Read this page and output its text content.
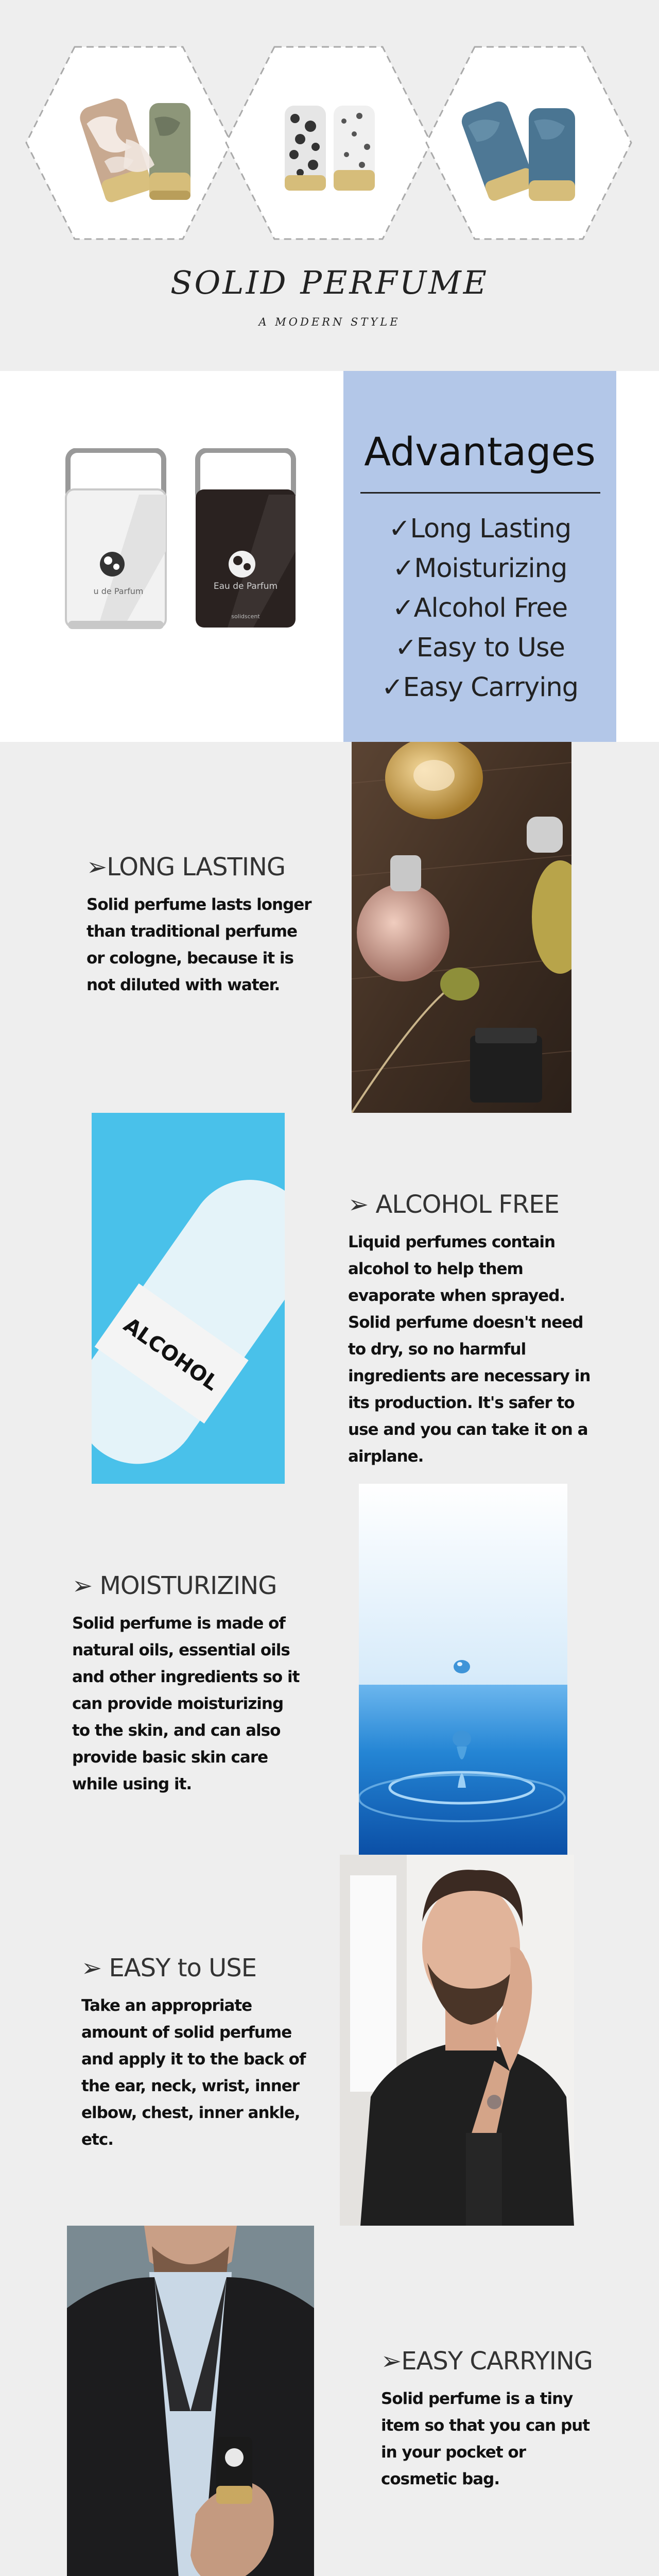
SOLID PERFUME
A MODERN STYLE
u de Parfum	Eau de Parfum
solidscent
Advantages
✓Long Lasting
✓Moisturizing
✓Alcohol Free
✓Easy to Use
✓Easy Carrying
➢LONG LASTING
Solid perfume lasts longer than traditional perfume or cologne, because it is not diluted with water.
ALCOHOL
➢ ALCOHOL FREE
Liquid perfumes contain alcohol to help them evaporate when sprayed. Solid perfume doesn't need to dry, so no harmful ingredients are necessary in its production. It's safer to use and you can take it on a airplane.
➢ MOISTURIZING
Solid perfume is made of natural oils, essential oils and other ingredients so it can provide moisturizing to the skin, and can also provide basic skin care while using it.
➢ EASY to USE
Take an appropriate amount of solid perfume and apply it to the back of the ear, neck, wrist, inner elbow, chest, inner ankle, etc.
➢EASY CARRYING
Solid perfume is a tiny item so that you can put in your pocket or cosmetic bag.
